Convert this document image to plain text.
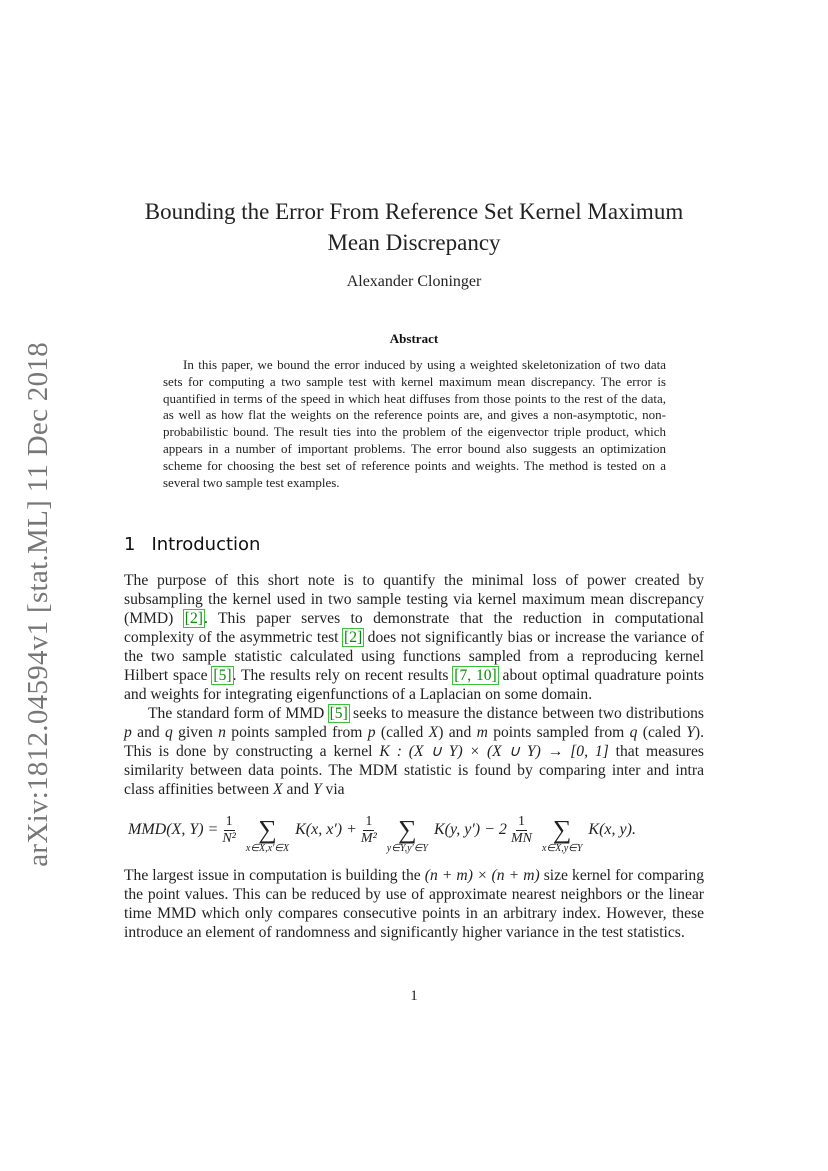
arXiv:1812.04594v1 [stat.ML] 11 Dec 2018
Bounding the Error From Reference Set Kernel Maximum Mean Discrepancy
Alexander Cloninger
Abstract

In this paper, we bound the error induced by using a weighted skeletonization of two data sets for computing a two sample test with kernel maximum mean discrepancy. The error is quantified in terms of the speed in which heat diffuses from those points to the rest of the data, as well as how flat the weights on the reference points are, and gives a non-asymptotic, non-probabilistic bound. The result ties into the problem of the eigenvector triple product, which appears in a number of important problems. The error bound also suggests an optimization scheme for choosing the best set of reference points and weights. The method is tested on a several two sample test examples.

1 Introduction

The purpose of this short note is to quantify the minimal loss of power created by subsampling the kernel used in two sample testing via kernel maximum mean discrepancy (MMD) [2]. This paper serves to demonstrate that the reduction in computational complexity of the asymmetric test [2] does not significantly bias or increase the variance of the two sample statistic calculated using functions sampled from a reproducing kernel Hilbert space [5]. The results rely on recent results [7, 10] about optimal quadrature points and weights for integrating eigenfunctions of a Laplacian on some domain.

The standard form of MMD [5] seeks to measure the distance between two distributions p and q given n points sampled from p (called X) and m points sampled from q (caled Y). This is done by constructing a kernel K : (X ∪ Y) × (X ∪ Y) → [0, 1] that measures similarity between data points. The MDM statistic is found by comparing inter and intra class affinities between X and Y via

MMD(X, $Y) = \frac{1}{\text{N²}}$ ∑
x∈X,x′∈X
K(x, $x') + \frac{1}{\text{M²}}$ ∑
y∈Y,y′∈Y
K(y, $y') - 2 \frac{1}{MN}$ ∑
x∈X,y∈Y
K(x, y).

The largest issue in computation is building the (n + m) × (n + m) size kernel for comparing the point values. This can be reduced by use of approximate nearest neighbors or the linear time MMD which only compares consecutive points in an arbitrary index. However, these introduce an element of randomness and significantly higher variance in the test statistics.

1
